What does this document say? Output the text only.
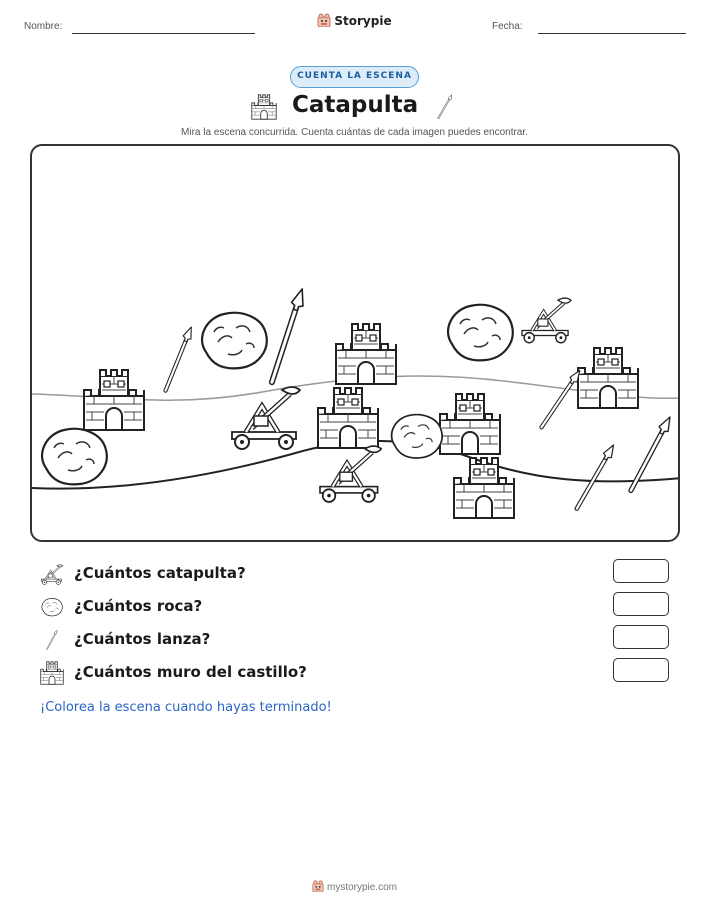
Nombre:	Storypie	Fecha:
CUENTA LA ESCENA
Catapulta
Mira la escena concurrida. Cuenta cuántas de cada imagen puedes encontrar.
¿Cuántos catapulta?
¿Cuántos roca?
¿Cuántos lanza?
¿Cuántos muro del castillo?
¡Colorea la escena cuando hayas terminado!
mystorypie.com
